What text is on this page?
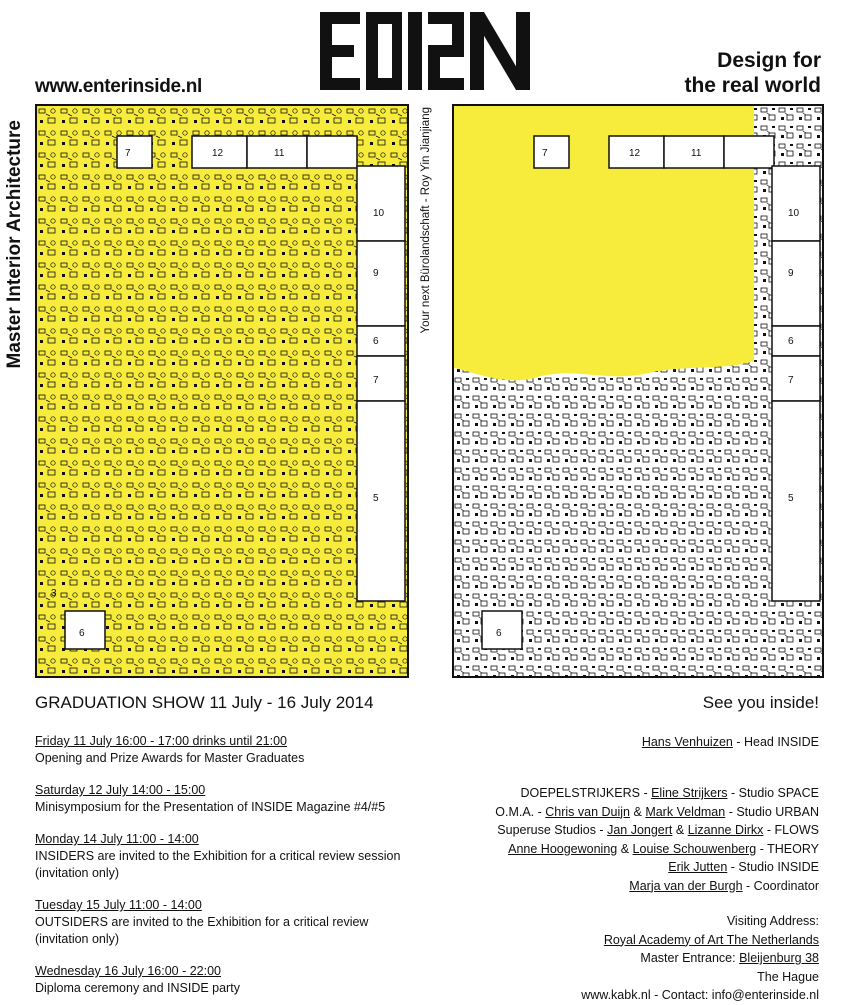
www.enterinside.nl
Design for
the real world
Master Interior Architecture	Your next Bürolandschaft - Roy Yin Jianjiang
12	11
10
9
7
6
5
3
7
6
12	11
10
9
7
6
5
7
6
GRADUATION SHOW 11 July - 16 July 2014	See you inside!
Friday 11 July 16:00 - 17:00 drinks until 21:00
Opening and Prize Awards for Master Graduates
Saturday 12 July 14:00 - 15:00
Minisymposium for the Presentation of INSIDE Magazine #4/#5
Monday 14 July 11:00 - 14:00
INSIDERS are invited to the Exhibition for a critical review session
(invitation only)
Tuesday 15 July 11:00 - 14:00
OUTSIDERS are invited to the Exhibition for a critical review
(invitation only)
Wednesday 16 July 16:00 - 22:00
Diploma ceremony and INSIDE party
Hans Venhuizen - Head INSIDE
DOEPELSTRIJKERS - Eline Strijkers - Studio SPACE
O.M.A. - Chris van Duijn & Mark Veldman - Studio URBAN
Superuse Studios - Jan Jongert & Lizanne Dirkx - FLOWS
Anne Hoogewoning & Louise Schouwenberg - THEORY
Erik Jutten - Studio INSIDE
Marja van der Burgh - Coordinator
Visiting Address:
Royal Academy of Art The Netherlands
Master Entrance: Bleijenburg 38
The Hague
www.kabk.nl - Contact: info@enterinside.nl
